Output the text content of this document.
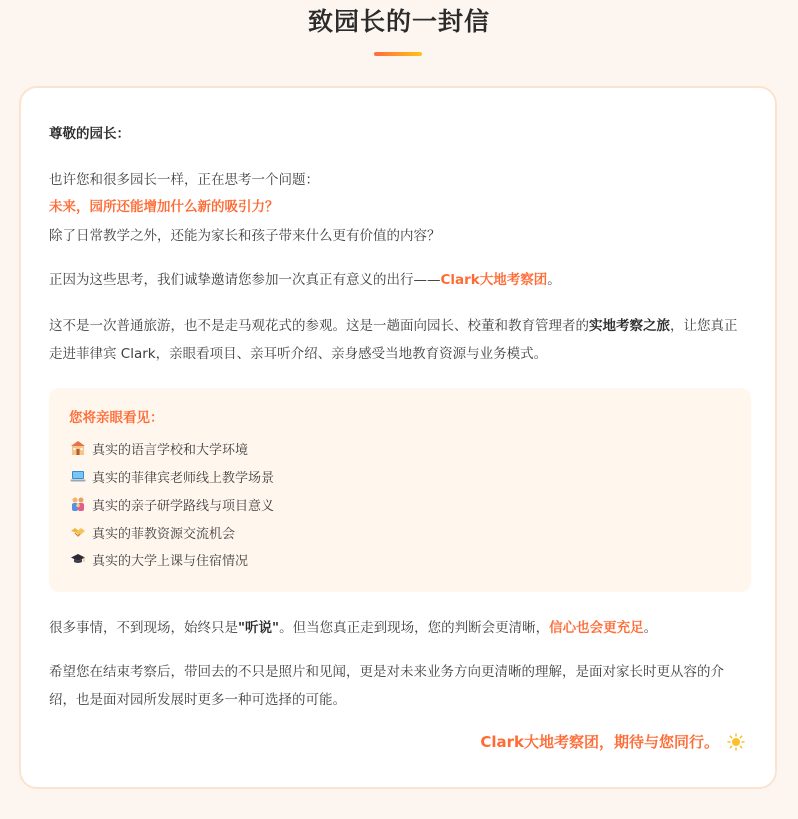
致园长的一封信
尊敬的园长：
也许您和很多园长一样，正在思考一个问题：
未来，园所还能增加什么新的吸引力？
除了日常教学之外，还能为家长和孩子带来什么更有价值的内容？
正因为这些思考，我们诚挚邀请您参加一次真正有意义的出行——Clark大地考察团。
这不是一次普通旅游，也不是走马观花式的参观。这是一趟面向园长、校董和教育管理者的实地考察之旅，让您真正走进菲律宾 Clark，亲眼看项目、亲耳听介绍、亲身感受当地教育资源与业务模式。
您将亲眼看见：
真实的语言学校和大学环境
真实的菲律宾老师线上教学场景
真实的亲子研学路线与项目意义
真实的菲教资源交流机会
真实的大学上课与住宿情况
很多事情，不到现场，始终只是"听说"。但当您真正走到现场，您的判断会更清晰，信心也会更充足。
希望您在结束考察后，带回去的不只是照片和见闻，更是对未来业务方向更清晰的理解，是面对家长时更从容的介绍，也是面对园所发展时更多一种可选择的可能。
Clark大地考察团，期待与您同行。
